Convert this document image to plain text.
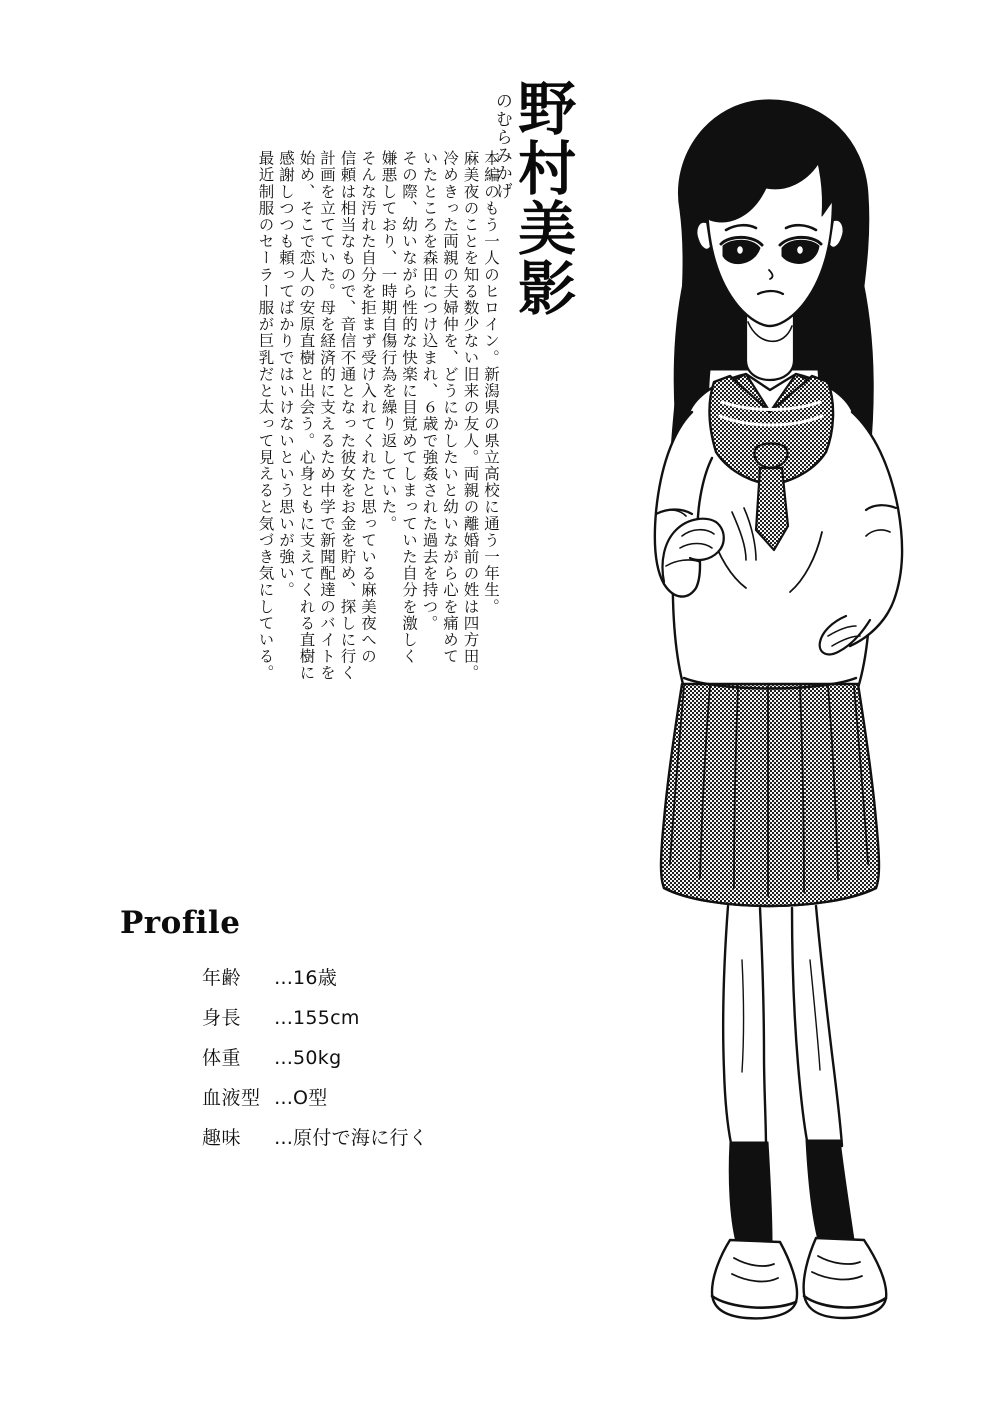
野村美影
のむらみかげ
本編のもう一人のヒロイン。新潟県の県立高校に通う一年生。
麻美夜のことを知る数少ない旧来の友人。両親の離婚前の姓は四方田。
冷めきった両親の夫婦仲を、どうにかしたいと幼いながら心を痛めて
いたところを森田につけ込まれ、６歳で強姦された過去を持つ。
その際、幼いながら性的な快楽に目覚めてしまっていた自分を激しく
嫌悪しており、一時期自傷行為を繰り返していた。
そんな汚れた自分を拒まず受け入れてくれたと思っている麻美夜への
信頼は相当なもので、音信不通となった彼女をお金を貯め、探しに行く
計画を立てていた。母を経済的に支えるため中学で新聞配達のバイトを
始め、そこで恋人の安原直樹と出会う。心身ともに支えてくれる直樹に
感謝しつつも頼ってばかりではいけないという思いが強い。
最近制服のセーラー服が巨乳だと太って見えると気づき気にしている。
Profile
年齢	… 16歳
身長	… 155cm
体重	… 50kg
血液型 … O型
趣味	… 原付で海に行く
